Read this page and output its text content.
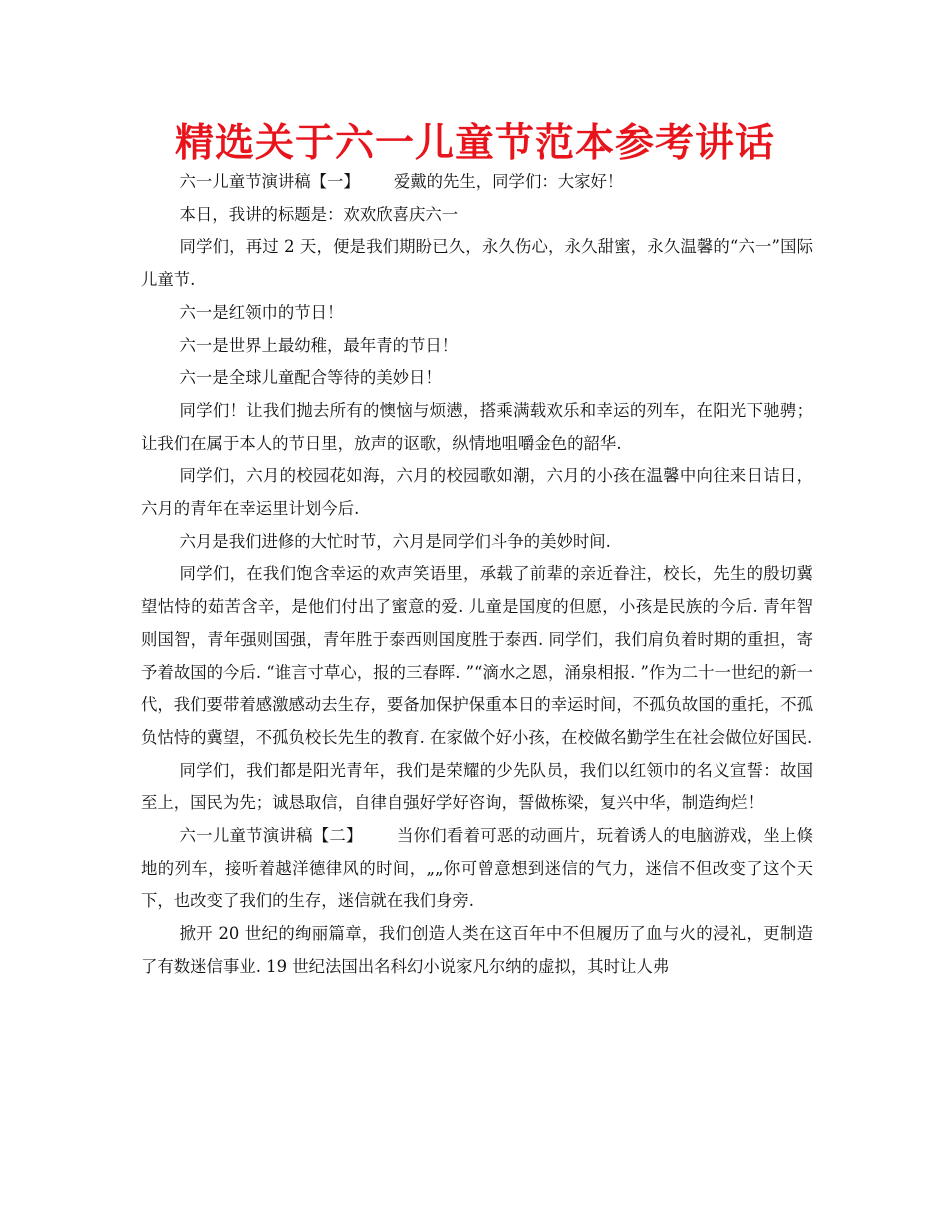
精选关于六一儿童节范本参考讲话

六一儿童节演讲稿【一】 爱戴的先生，同学们：大家好！

本日，我讲的标题是：欢欢欣喜庆六一

同学们，再过 2 天，便是我们期盼已久，永久伤心，永久甜蜜，永久温馨的“六一”国际儿童节.

六一是红领巾的节日！

六一是世界上最幼稚，最年青的节日！

六一是全球儿童配合等待的美妙日！

同学们！让我们抛去所有的懊恼与烦懑，搭乘满载欢乐和幸运的列车，在阳光下驰骋；让我们在属于本人的节日里，放声的讴歌，纵情地咀嚼金色的韶华.

同学们，六月的校园花如海，六月的校园歌如潮，六月的小孩在温馨中向往来日诘日，六月的青年在幸运里计划今后.

六月是我们进修的大忙时节，六月是同学们斗争的美妙时间.

同学们，在我们饱含幸运的欢声笑语里，承载了前辈的亲近眷注，校长，先生的殷切冀望怙恃的茹苦含辛，是他们付出了蜜意的爱. 儿童是国度的但愿，小孩是民族的今后. 青年智则国智，青年强则国强，青年胜于泰西则国度胜于泰西. 同学们，我们肩负着时期的重担，寄予着故国的今后. “谁言寸草心，报的三春晖. ”“滴水之恩，涌泉相报. ”作为二十一世纪的新一代，我们要带着感激感动去生存，要备加保护保重本日的幸运时间，不孤负故国的重托，不孤负怙恃的冀望，不孤负校长先生的教育. 在家做个好小孩，在校做名勤学生在社会做位好国民.

同学们，我们都是阳光青年，我们是荣耀的少先队员，我们以红领巾的名义宣誓：故国至上，国民为先；诚恳取信，自律自强好学好咨询，誓做栋梁，复兴中华，制造绚烂！

六一儿童节演讲稿【二】 当你们看着可恶的动画片，玩着诱人的电脑游戏，坐上倏地的列车，接听着越洋德律风的时间，„„你可曾意想到迷信的气力，迷信不但改变了这个天下，也改变了我们的生存，迷信就在我们身旁.

掀开 20 世纪的绚丽篇章，我们创造人类在这百年中不但履历了血与火的浸礼，更制造了有数迷信事业. 19 世纪法国出名科幻小说家凡尔纳的虚拟，其时让人弗
